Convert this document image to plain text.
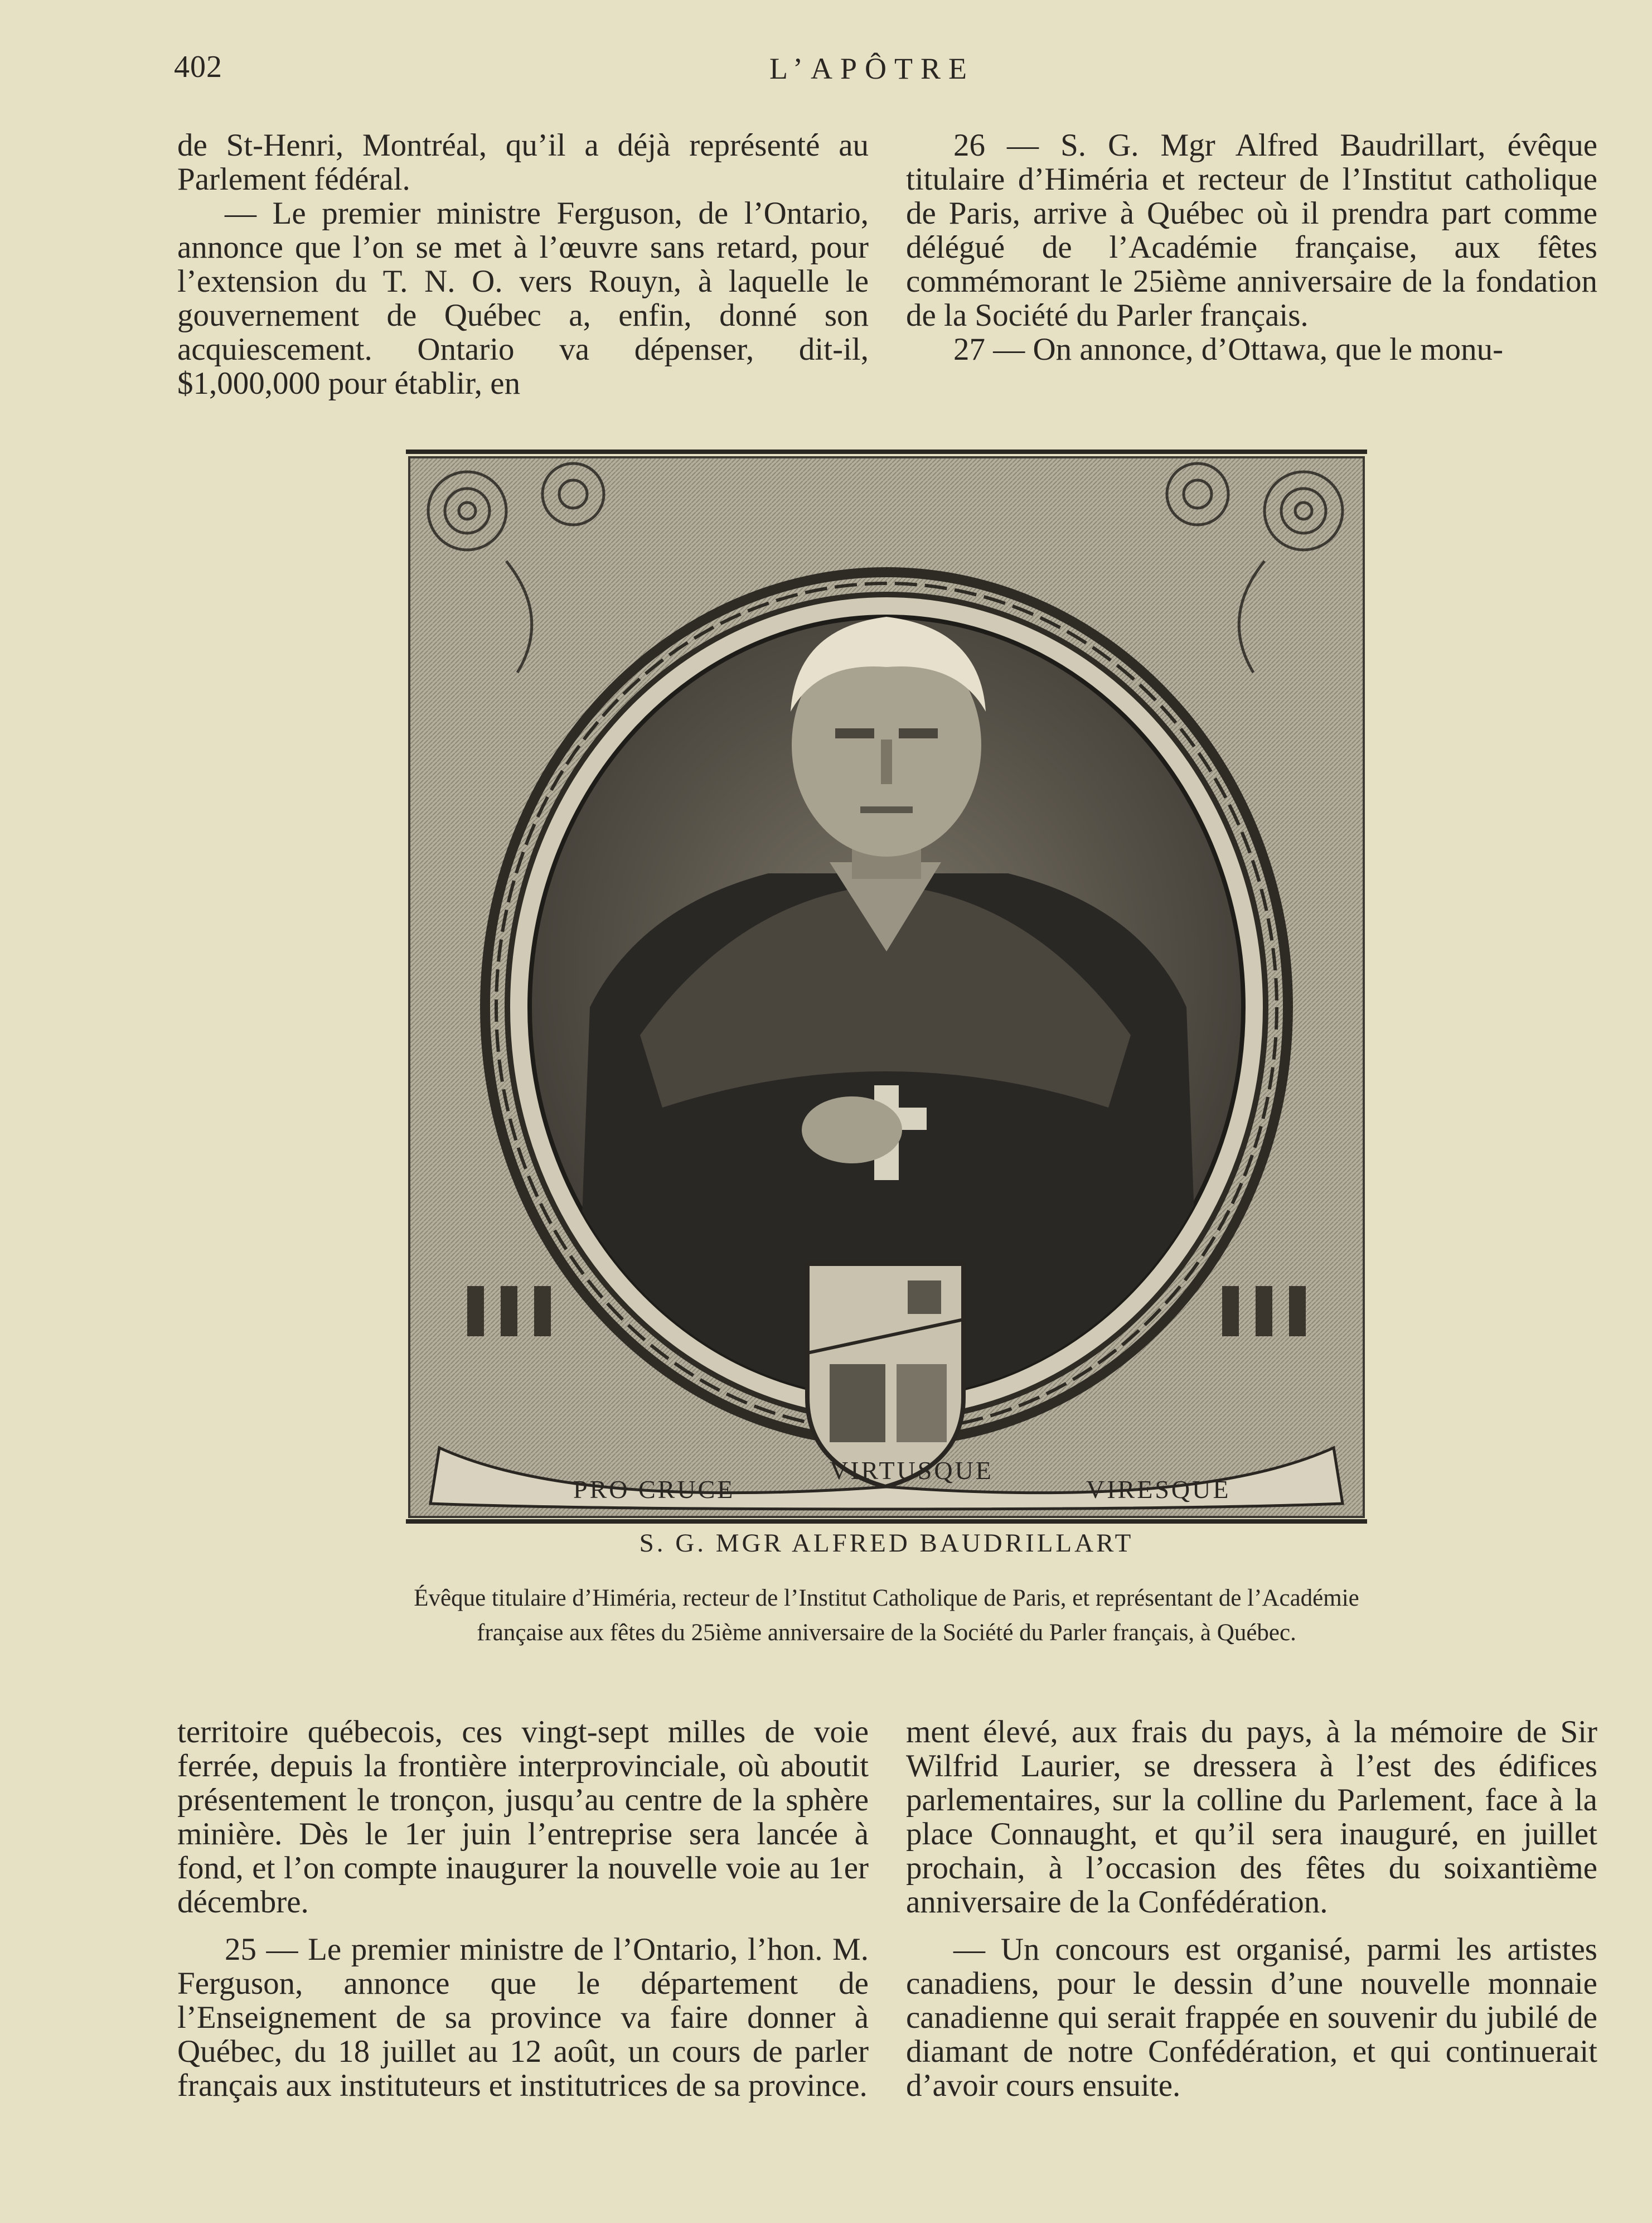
402	L’APÔTRE

de St-Henri, Montréal, qu’il a déjà représenté au Parlement fédéral.

— Le premier ministre Ferguson, de l’Ontario, annonce que l’on se met à l’œuvre sans retard, pour l’extension du T. N. O. vers Rouyn, à laquelle le gouvernement de Québec a, enfin, donné son acquiescement. Ontario va dépenser, dit-il, $1,000,000 pour établir, en

26 — S. G. Mgr Alfred Baudrillart, évêque titulaire d’Himéria et recteur de l’Institut catholique de Paris, arrive à Québec où il prendra part comme délégué de l’Académie française, aux fêtes commémorant le 25ième anniversaire de la fondation de la Société du Parler français.

27 — On annonce, d’Ottawa, que le monu-

PRO CRUCE
VIRTUSQUE
VIRESQUE
S. G. MGR ALFRED BAUDRILLART
Évêque titulaire d’Himéria, recteur de l’Institut Catholique de Paris, et représentant de l’Académie française aux fêtes du 25ième anniversaire de la Société du Parler français, à Québec.

territoire québecois, ces vingt-sept milles de voie ferrée, depuis la frontière interprovinciale, où aboutit présentement le tronçon, jusqu’au centre de la sphère minière. Dès le 1er juin l’entreprise sera lancée à fond, et l’on compte inaugurer la nouvelle voie au 1er décembre.

25 — Le premier ministre de l’Ontario, l’hon. M. Ferguson, annonce que le département de l’Enseignement de sa province va faire donner à Québec, du 18 juillet au 12 août, un cours de parler français aux instituteurs et institutrices de sa province.

ment élevé, aux frais du pays, à la mémoire de Sir Wilfrid Laurier, se dressera à l’est des édifices parlementaires, sur la colline du Parlement, face à la place Connaught, et qu’il sera inauguré, en juillet prochain, à l’occasion des fêtes du soixantième anniversaire de la Confédération.

— Un concours est organisé, parmi les artistes canadiens, pour le dessin d’une nouvelle monnaie canadienne qui serait frappée en souvenir du jubilé de diamant de notre Confédération, et qui continuerait d’avoir cours ensuite.
